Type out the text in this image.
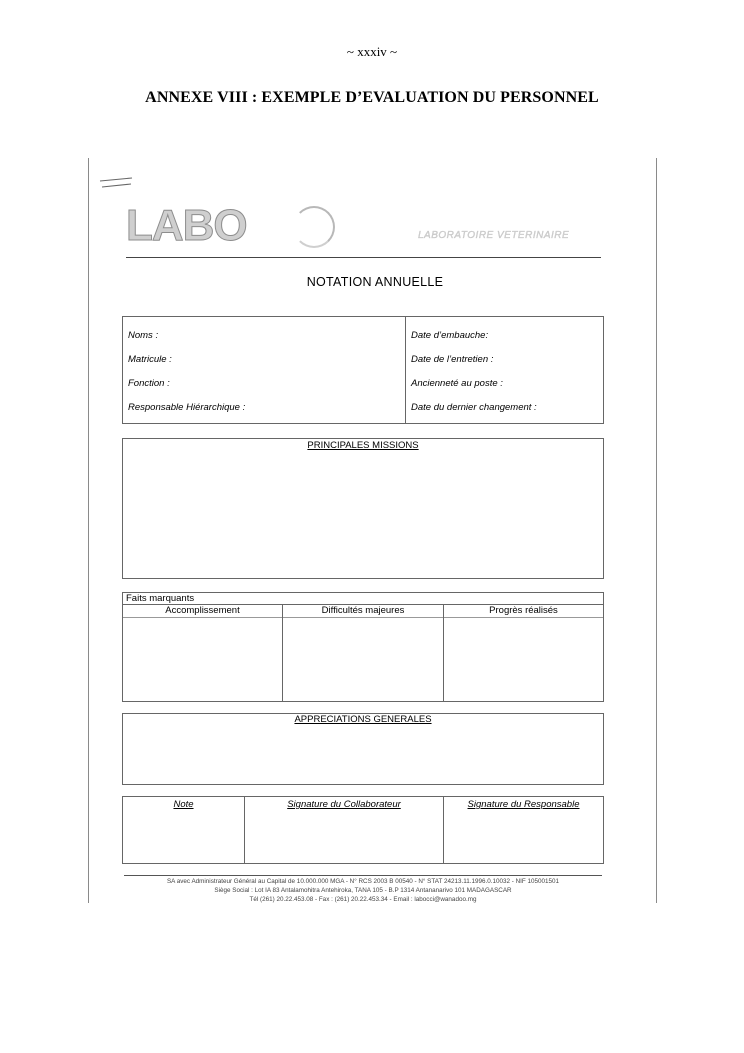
~ xxxiv ~
ANNEXE VIII : EXEMPLE D’EVALUATION DU PERSONNEL
LABO	LABORATOIRE VETERINAIRE
NOTATION ANNUELLE
Noms :
Matricule :
Fonction :
Responsable Hiérarchique :
Date d’embauche:
Date de l’entretien :
Ancienneté au poste :
Date du dernier changement :
PRINCIPALES MISSIONS
Faits marquants
Accomplissement	Difficultés majeures	Progrès réalisés
APPRECIATIONS GENERALES
Note	Signature du Collaborateur	Signature du Responsable
SA avec Administrateur Général au Capital de 10.000.000 MGA - N° RCS 2003 B 00540 - N° STAT 24213.11.1996.0.10032 - NIF 105001501
Siège Social : Lot IA 83 Antalamohitra Antehiroka, TANA 105 - B.P 1314 Antananarivo 101 MADAGASCAR
Tél (261) 20.22.453.08 - Fax : (261) 20.22.453.34 - Email : labocci@wanadoo.mg
